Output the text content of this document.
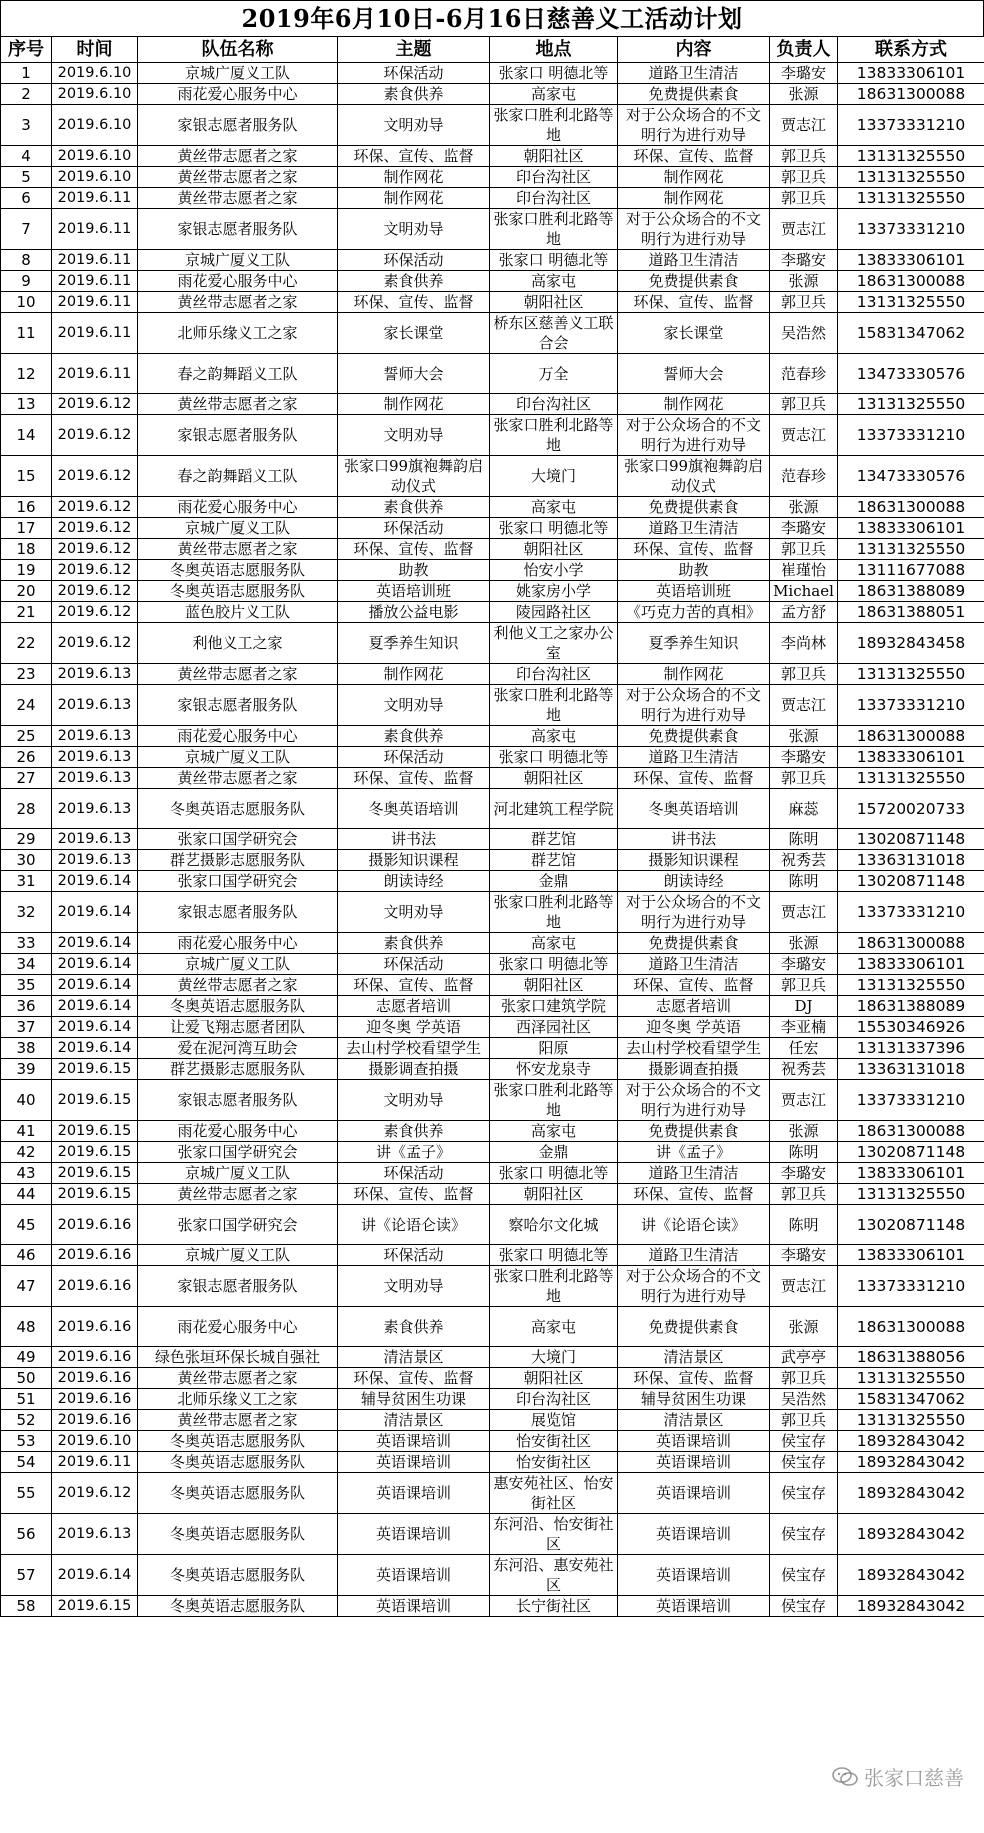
2019年6月10日-6月16日慈善义工活动计划
序号	时间	队伍名称	主题	地点	内容	负责人	联系方式
1	2019.6.10	京城广厦义工队	环保活动	张家口 明德北等	道路卫生清洁	李璐安	13833306101
2	2019.6.10	雨花爱心服务中心	素食供养	高家屯	免费提供素食	张源	18631300088
3	2019.6.10	家银志愿者服务队	文明劝导	张家口胜利北路等地	对于公众场合的不文明行为进行劝导	贾志江	13373331210
4	2019.6.10	黄丝带志愿者之家	环保、宣传、监督	朝阳社区	环保、宣传、监督	郭卫兵	13131325550
5	2019.6.10	黄丝带志愿者之家	制作网花	印台沟社区	制作网花	郭卫兵	13131325550
6	2019.6.11	黄丝带志愿者之家	制作网花	印台沟社区	制作网花	郭卫兵	13131325550
7	2019.6.11	家银志愿者服务队	文明劝导	张家口胜利北路等地	对于公众场合的不文明行为进行劝导	贾志江	13373331210
8	2019.6.11	京城广厦义工队	环保活动	张家口 明德北等	道路卫生清洁	李璐安	13833306101
9	2019.6.11	雨花爱心服务中心	素食供养	高家屯	免费提供素食	张源	18631300088
10	2019.6.11	黄丝带志愿者之家	环保、宣传、监督	朝阳社区	环保、宣传、监督	郭卫兵	13131325550
11	2019.6.11	北师乐缘义工之家	家长课堂	桥东区慈善义工联合会	家长课堂	吴浩然	15831347062
12	2019.6.11	春之韵舞蹈义工队	誓师大会	万全	誓师大会	范春珍	13473330576
13	2019.6.12	黄丝带志愿者之家	制作网花	印台沟社区	制作网花	郭卫兵	13131325550
14	2019.6.12	家银志愿者服务队	文明劝导	张家口胜利北路等地	对于公众场合的不文明行为进行劝导	贾志江	13373331210
15	2019.6.12	春之韵舞蹈义工队	张家口99旗袍舞韵启动仪式	大境门	张家口99旗袍舞韵启动仪式	范春珍	13473330576
16	2019.6.12	雨花爱心服务中心	素食供养	高家屯	免费提供素食	张源	18631300088
17	2019.6.12	京城广厦义工队	环保活动	张家口 明德北等	道路卫生清洁	李璐安	13833306101
18	2019.6.12	黄丝带志愿者之家	环保、宣传、监督	朝阳社区	环保、宣传、监督	郭卫兵	13131325550
19	2019.6.12	冬奥英语志愿服务队	助教	怡安小学	助教	崔瑾怡	13111677088
20	2019.6.12	冬奥英语志愿服务队	英语培训班	姚家房小学	英语培训班	Michael	18631388089
21	2019.6.12	蓝色胶片义工队	播放公益电影	陵园路社区	《巧克力苦的真相》	孟方舒	18631388051
22	2019.6.12	利他义工之家	夏季养生知识	利他义工之家办公室	夏季养生知识	李尚林	18932843458
23	2019.6.13	黄丝带志愿者之家	制作网花	印台沟社区	制作网花	郭卫兵	13131325550
24	2019.6.13	家银志愿者服务队	文明劝导	张家口胜利北路等地	对于公众场合的不文明行为进行劝导	贾志江	13373331210
25	2019.6.13	雨花爱心服务中心	素食供养	高家屯	免费提供素食	张源	18631300088
26	2019.6.13	京城广厦义工队	环保活动	张家口 明德北等	道路卫生清洁	李璐安	13833306101
27	2019.6.13	黄丝带志愿者之家	环保、宣传、监督	朝阳社区	环保、宣传、监督	郭卫兵	13131325550
28	2019.6.13	冬奥英语志愿服务队	冬奥英语培训	河北建筑工程学院	冬奥英语培训	麻蕊	15720020733
29	2019.6.13	张家口国学研究会	讲书法	群艺馆	讲书法	陈明	13020871148
30	2019.6.13	群艺摄影志愿服务队	摄影知识课程	群艺馆	摄影知识课程	祝秀芸	13363131018
31	2019.6.14	张家口国学研究会	朗读诗经	金鼎	朗读诗经	陈明	13020871148
32	2019.6.14	家银志愿者服务队	文明劝导	张家口胜利北路等地	对于公众场合的不文明行为进行劝导	贾志江	13373331210
33	2019.6.14	雨花爱心服务中心	素食供养	高家屯	免费提供素食	张源	18631300088
34	2019.6.14	京城广厦义工队	环保活动	张家口 明德北等	道路卫生清洁	李璐安	13833306101
35	2019.6.14	黄丝带志愿者之家	环保、宣传、监督	朝阳社区	环保、宣传、监督	郭卫兵	13131325550
36	2019.6.14	冬奥英语志愿服务队	志愿者培训	张家口建筑学院	志愿者培训	DJ	18631388089
37	2019.6.14	让爱飞翔志愿者团队	迎冬奥 学英语	西泽园社区	迎冬奥 学英语	李亚楠	15530346926
38	2019.6.14	爱在泥河湾互助会	去山村学校看望学生	阳原	去山村学校看望学生	任宏	13131337396
39	2019.6.15	群艺摄影志愿服务队	摄影调查拍摄	怀安龙泉寺	摄影调查拍摄	祝秀芸	13363131018
40	2019.6.15	家银志愿者服务队	文明劝导	张家口胜利北路等地	对于公众场合的不文明行为进行劝导	贾志江	13373331210
41	2019.6.15	雨花爱心服务中心	素食供养	高家屯	免费提供素食	张源	18631300088
42	2019.6.15	张家口国学研究会	讲《孟子》	金鼎	讲《孟子》	陈明	13020871148
43	2019.6.15	京城广厦义工队	环保活动	张家口 明德北等	道路卫生清洁	李璐安	13833306101
44	2019.6.15	黄丝带志愿者之家	环保、宣传、监督	朝阳社区	环保、宣传、监督	郭卫兵	13131325550
45	2019.6.16	张家口国学研究会	讲《论语仑读》	察哈尔文化城	讲《论语仑读》	陈明	13020871148
46	2019.6.16	京城广厦义工队	环保活动	张家口 明德北等	道路卫生清洁	李璐安	13833306101
47	2019.6.16	家银志愿者服务队	文明劝导	张家口胜利北路等地	对于公众场合的不文明行为进行劝导	贾志江	13373331210
48	2019.6.16	雨花爱心服务中心	素食供养	高家屯	免费提供素食	张源	18631300088
49	2019.6.16	绿色张垣环保长城自强社	清洁景区	大境门	清洁景区	武亭亭	18631388056
50	2019.6.16	黄丝带志愿者之家	环保、宣传、监督	朝阳社区	环保、宣传、监督	郭卫兵	13131325550
51	2019.6.16	北师乐缘义工之家	辅导贫困生功课	印台沟社区	辅导贫困生功课	吴浩然	15831347062
52	2019.6.16	黄丝带志愿者之家	清洁景区	展览馆	清洁景区	郭卫兵	13131325550
53	2019.6.10	冬奥英语志愿服务队	英语课培训	怡安街社区	英语课培训	侯宝存	18932843042
54	2019.6.11	冬奥英语志愿服务队	英语课培训	怡安街社区	英语课培训	侯宝存	18932843042
55	2019.6.12	冬奥英语志愿服务队	英语课培训	惠安苑社区、怡安街社区	英语课培训	侯宝存	18932843042
56	2019.6.13	冬奥英语志愿服务队	英语课培训	东河沿、怡安街社区	英语课培训	侯宝存	18932843042
57	2019.6.14	冬奥英语志愿服务队	英语课培训	东河沿、惠安苑社区	英语课培训	侯宝存	18932843042
58	2019.6.15	冬奥英语志愿服务队	英语课培训	长宁街社区	英语课培训	侯宝存	18932843042
张家口慈善
